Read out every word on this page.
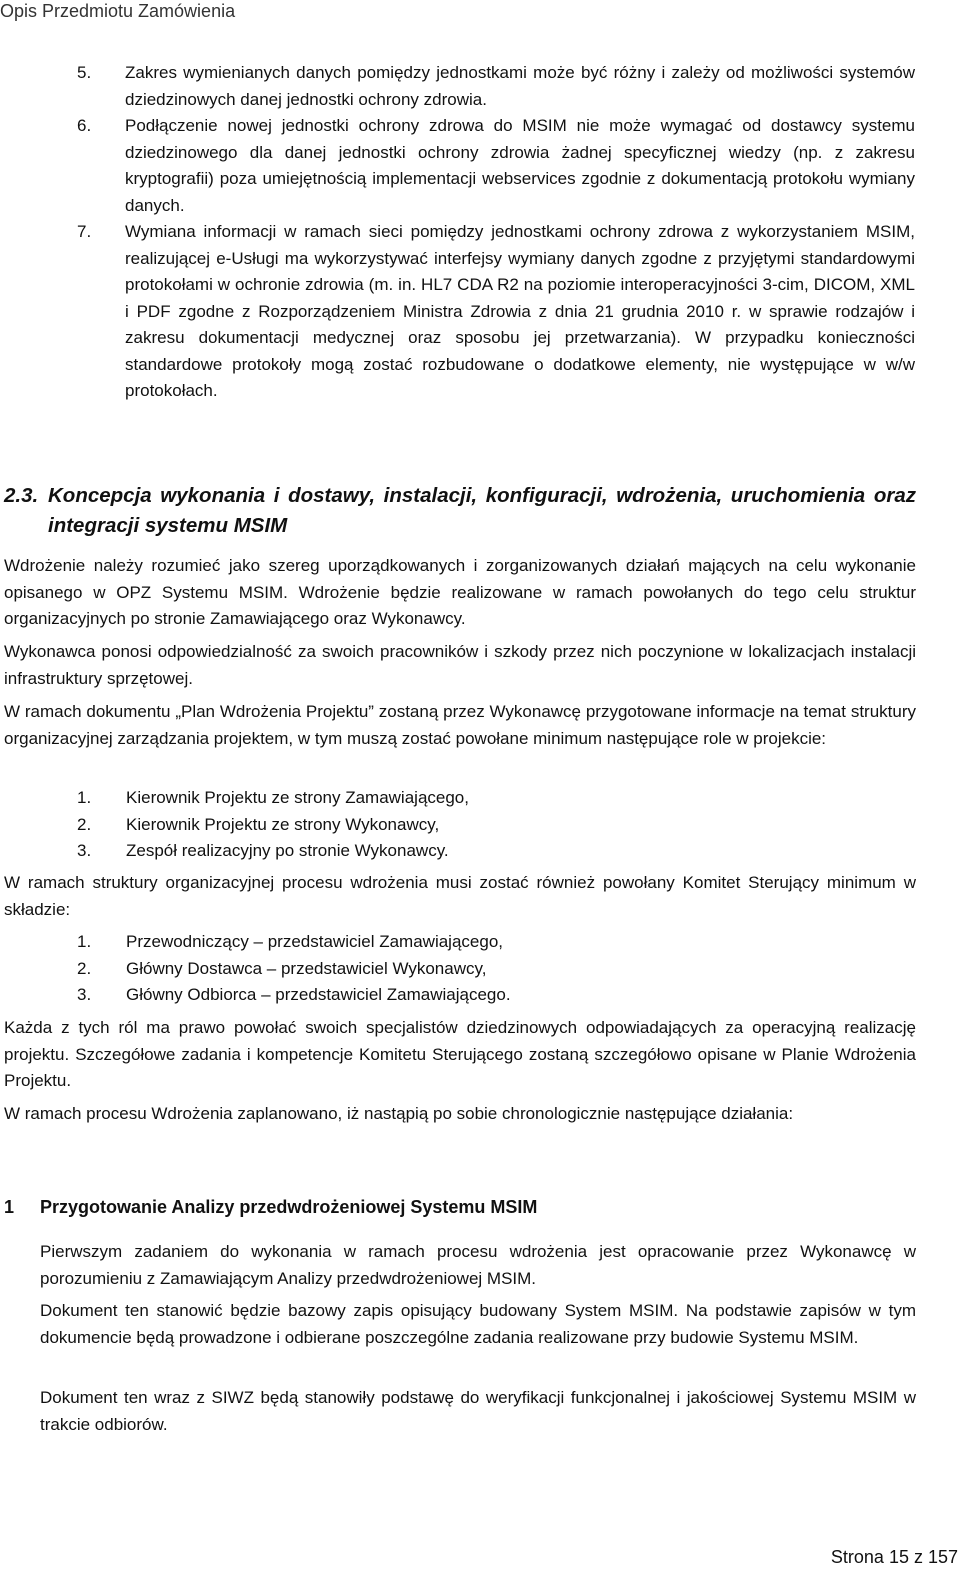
Opis Przedmiotu Zamówienia
5.	Zakres wymienianych danych pomiędzy jednostkami może być różny i zależy od możliwości systemów dziedzinowych danej jednostki ochrony zdrowia.
6.	Podłączenie nowej jednostki ochrony zdrowa do MSIM nie może wymagać od dostawcy systemu dziedzinowego dla danej jednostki ochrony zdrowia żadnej specyficznej wiedzy (np. z zakresu kryptografii) poza umiejętnością implementacji webservices zgodnie z dokumentacją protokołu wymiany danych.
7.	Wymiana informacji w ramach sieci pomiędzy jednostkami ochrony zdrowa z wykorzystaniem MSIM, realizującej e-Usługi ma wykorzystywać interfejsy wymiany danych zgodne z przyjętymi standardowymi protokołami w ochronie zdrowia (m. in. HL7 CDA R2 na poziomie interoperacyjności 3-cim, DICOM, XML i PDF zgodne z Rozporządzeniem Ministra Zdrowia z dnia 21 grudnia 2010 r. w sprawie rodzajów i zakresu dokumentacji medycznej oraz sposobu jej przetwarzania). W przypadku konieczności standardowe protokoły mogą zostać rozbudowane o dodatkowe elementy, nie występujące w w/w protokołach.
2.3. Koncepcja wykonania i dostawy, instalacji, konfiguracji, wdrożenia, uruchomienia oraz integracji systemu MSIM

Wdrożenie należy rozumieć jako szereg uporządkowanych i zorganizowanych działań mających na celu wykonanie opisanego w OPZ Systemu MSIM. Wdrożenie będzie realizowane w ramach powołanych do tego celu struktur organizacyjnych po stronie Zamawiającego oraz Wykonawcy.

Wykonawca ponosi odpowiedzialność za swoich pracowników i szkody przez nich poczynione w lokalizacjach instalacji infrastruktury sprzętowej.

W ramach dokumentu „Plan Wdrożenia Projektu” zostaną przez Wykonawcę przygotowane informacje na temat struktury organizacyjnej zarządzania projektem, w tym muszą zostać powołane minimum następujące role w projekcie:

1.	Kierownik Projektu ze strony Zamawiającego,
2.	Kierownik Projektu ze strony Wykonawcy,
3.	Zespół realizacyjny po stronie Wykonawcy.

W ramach struktury organizacyjnej procesu wdrożenia musi zostać również powołany Komitet Sterujący minimum w składzie:

1.	Przewodniczący – przedstawiciel Zamawiającego,
2.	Główny Dostawca – przedstawiciel Wykonawcy,
3.	Główny Odbiorca – przedstawiciel Zamawiającego.

Każda z tych ról ma prawo powołać swoich specjalistów dziedzinowych odpowiadających za operacyjną realizację projektu. Szczegółowe zadania i kompetencje Komitetu Sterującego zostaną szczegółowo opisane w Planie Wdrożenia Projektu.

W ramach procesu Wdrożenia zaplanowano, iż nastąpią po sobie chronologicznie następujące działania:

1	Przygotowanie Analizy przedwdrożeniowej Systemu MSIM

Pierwszym zadaniem do wykonania w ramach procesu wdrożenia jest opracowanie przez Wykonawcę w porozumieniu z Zamawiającym Analizy przedwdrożeniowej MSIM.

Dokument ten stanowić będzie bazowy zapis opisujący budowany System MSIM. Na podstawie zapisów w tym dokumencie będą prowadzone i odbierane poszczególne zadania realizowane przy budowie Systemu MSIM.

Dokument ten wraz z SIWZ będą stanowiły podstawę do weryfikacji funkcjonalnej i jakościowej Systemu MSIM w trakcie odbiorów.

Strona 15 z 157
